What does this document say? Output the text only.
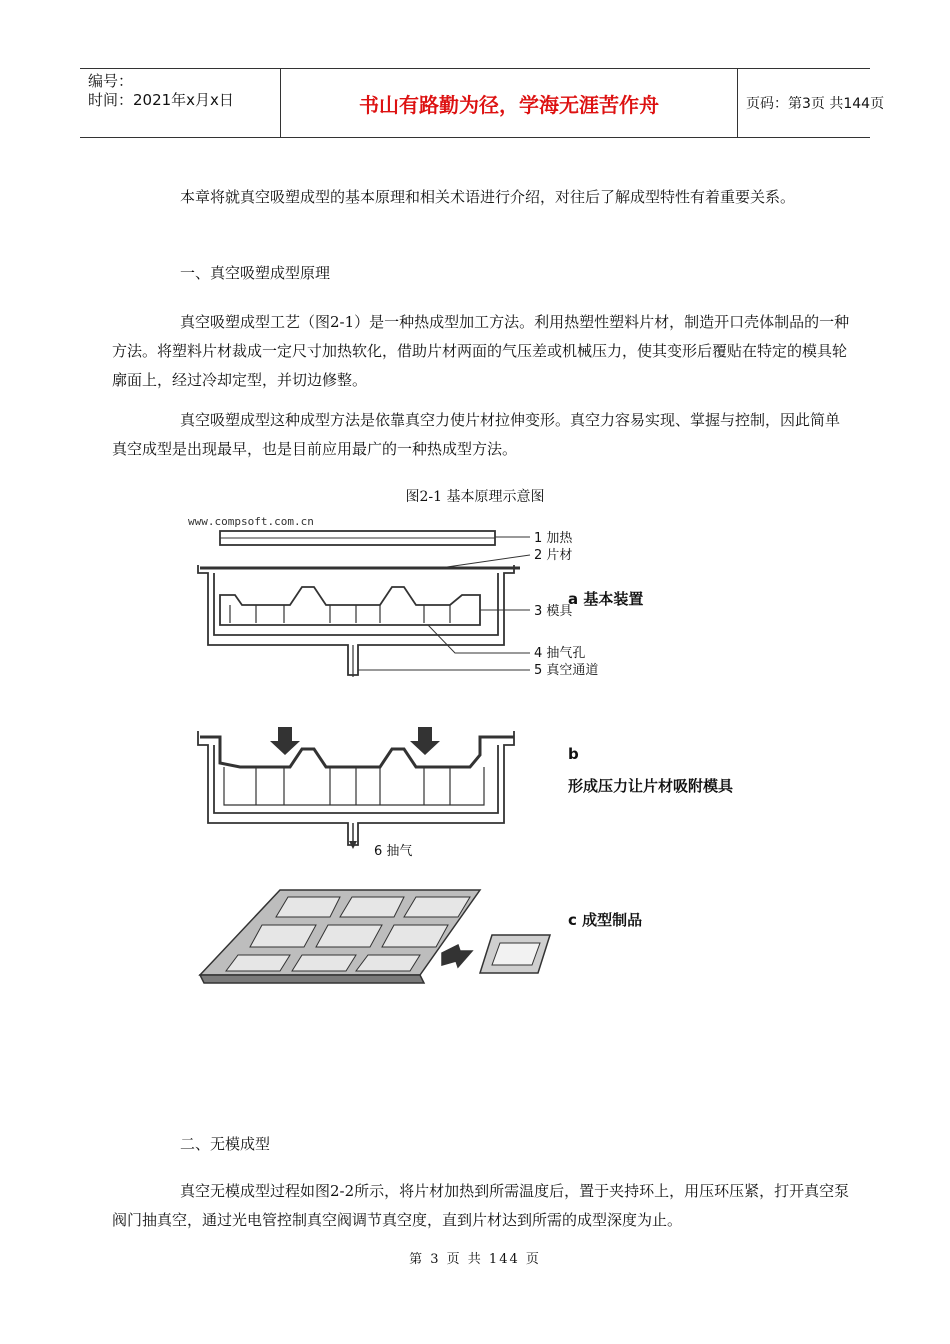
编号：
时间：2021年x月x日	书山有路勤为径，学海无涯苦作舟	页码：第3页 共144页
本章将就真空吸塑成型的基本原理和相关术语进行介绍，对往后了解成型特性有着重要关系。
一、真空吸塑成型原理
真空吸塑成型工艺（图2-1）是一种热成型加工方法。利用热塑性塑料片材，制造开口壳体制品的一种方法。将塑料片材裁成一定尺寸加热软化，借助片材两面的气压差或机械压力，使其变形后覆贴在特定的模具轮廓面上，经过冷却定型，并切边修整。
真空吸塑成型这种成型方法是依靠真空力使片材拉伸变形。真空力容易实现、掌握与控制，因此简单真空成型是出现最早，也是目前应用最广的一种热成型方法。
图2-1 基本原理示意图
www.compsoft.com.cn
1 加热
2 片材
a 基本装置
3 模具
4 抽气孔
5 真空通道
6 抽气
b
形成压力让片材吸附模具
c 成型制品
二、无模成型
真空无模成型过程如图2-2所示，将片材加热到所需温度后，置于夹持环上，用压环压紧，打开真空泵阀门抽真空，通过光电管控制真空阀调节真空度，直到片材达到所需的成型深度为止。
第 3 页 共 144 页
